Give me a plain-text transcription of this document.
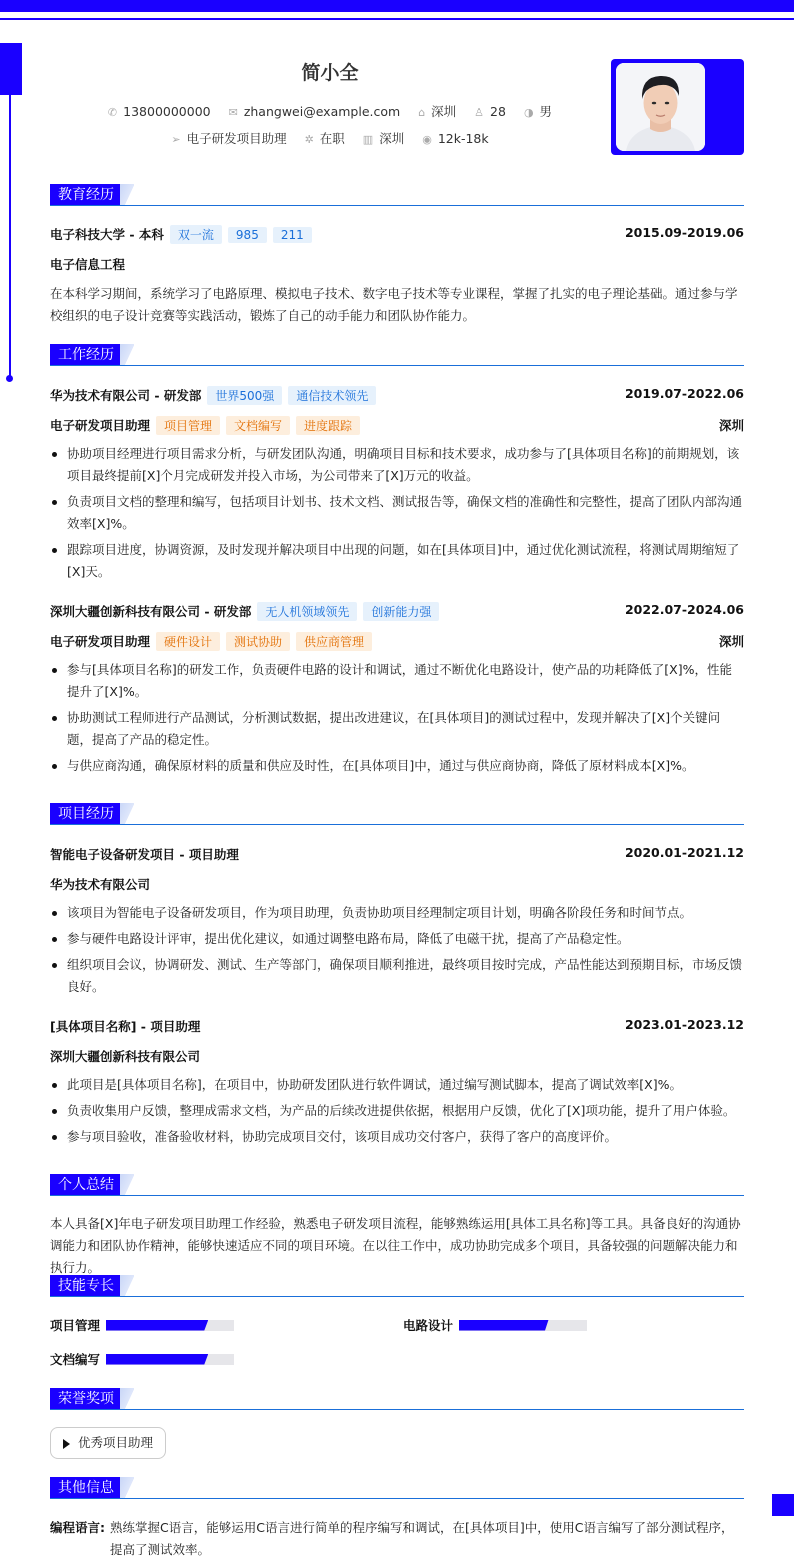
简小全
✆ 13800000000 ✉ zhangwei@example.com ⌂ 深圳 ♙ 28 ◑ 男
➢ 电子研发项目助理 ✲ 在职 ▥ 深圳 ◉ 12k-18k
教育经历
电子科技大学 - 本科 双一流 985 211	2015.09-2019.06
电子信息工程
在本科学习期间，系统学习了电路原理、模拟电子技术、数字电子技术等专业课程，掌握了扎实的电子理论基础。通过参与学校组织的电子设计竞赛等实践活动，锻炼了自己的动手能力和团队协作能力。
工作经历
华为技术有限公司 - 研发部 世界500强 通信技术领先	2019.07-2022.06
电子研发项目助理 项目管理 文档编写 进度跟踪	深圳
协助项目经理进行项目需求分析，与研发团队沟通，明确项目目标和技术要求，成功参与了[具体项目名称]的前期规划，该项目最终提前[X]个月完成研发并投入市场，为公司带来了[X]万元的收益。
负责项目文档的整理和编写，包括项目计划书、技术文档、测试报告等，确保文档的准确性和完整性，提高了团队内部沟通效率[X]%。
跟踪项目进度，协调资源，及时发现并解决项目中出现的问题，如在[具体项目]中，通过优化测试流程，将测试周期缩短了[X]天。
深圳大疆创新科技有限公司 - 研发部 无人机领域领先 创新能力强	2022.07-2024.06
电子研发项目助理 硬件设计 测试协助 供应商管理	深圳
参与[具体项目名称]的研发工作，负责硬件电路的设计和调试，通过不断优化电路设计，使产品的功耗降低了[X]%，性能提升了[X]%。
协助测试工程师进行产品测试，分析测试数据，提出改进建议，在[具体项目]的测试过程中，发现并解决了[X]个关键问题，提高了产品的稳定性。
与供应商沟通，确保原材料的质量和供应及时性，在[具体项目]中，通过与供应商协商，降低了原材料成本[X]%。
项目经历
智能电子设备研发项目 - 项目助理	2020.01-2021.12
华为技术有限公司
该项目为智能电子设备研发项目，作为项目助理，负责协助项目经理制定项目计划，明确各阶段任务和时间节点。
参与硬件电路设计评审，提出优化建议，如通过调整电路布局，降低了电磁干扰，提高了产品稳定性。
组织项目会议，协调研发、测试、生产等部门，确保项目顺利推进，最终项目按时完成，产品性能达到预期目标，市场反馈良好。
[具体项目名称] - 项目助理	2023.01-2023.12
深圳大疆创新科技有限公司
此项目是[具体项目名称]，在项目中，协助研发团队进行软件调试，通过编写测试脚本，提高了调试效率[X]%。
负责收集用户反馈，整理成需求文档，为产品的后续改进提供依据，根据用户反馈，优化了[X]项功能，提升了用户体验。
参与项目验收，准备验收材料，协助完成项目交付，该项目成功交付客户，获得了客户的高度评价。
个人总结
本人具备[X]年电子研发项目助理工作经验，熟悉电子研发项目流程，能够熟练运用[具体工具名称]等工具。具备良好的沟通协调能力和团队协作精神，能够快速适应不同的项目环境。在以往工作中，成功协助完成多个项目，具备较强的问题解决能力和执行力。
技能专长
项目管理	电路设计
文档编写
荣誉奖项
优秀项目助理
其他信息
编程语言: 熟练掌握C语言，能够运用C语言进行简单的程序编写和调试，在[具体项目]中，使用C语言编写了部分测试程序，提高了测试效率。
